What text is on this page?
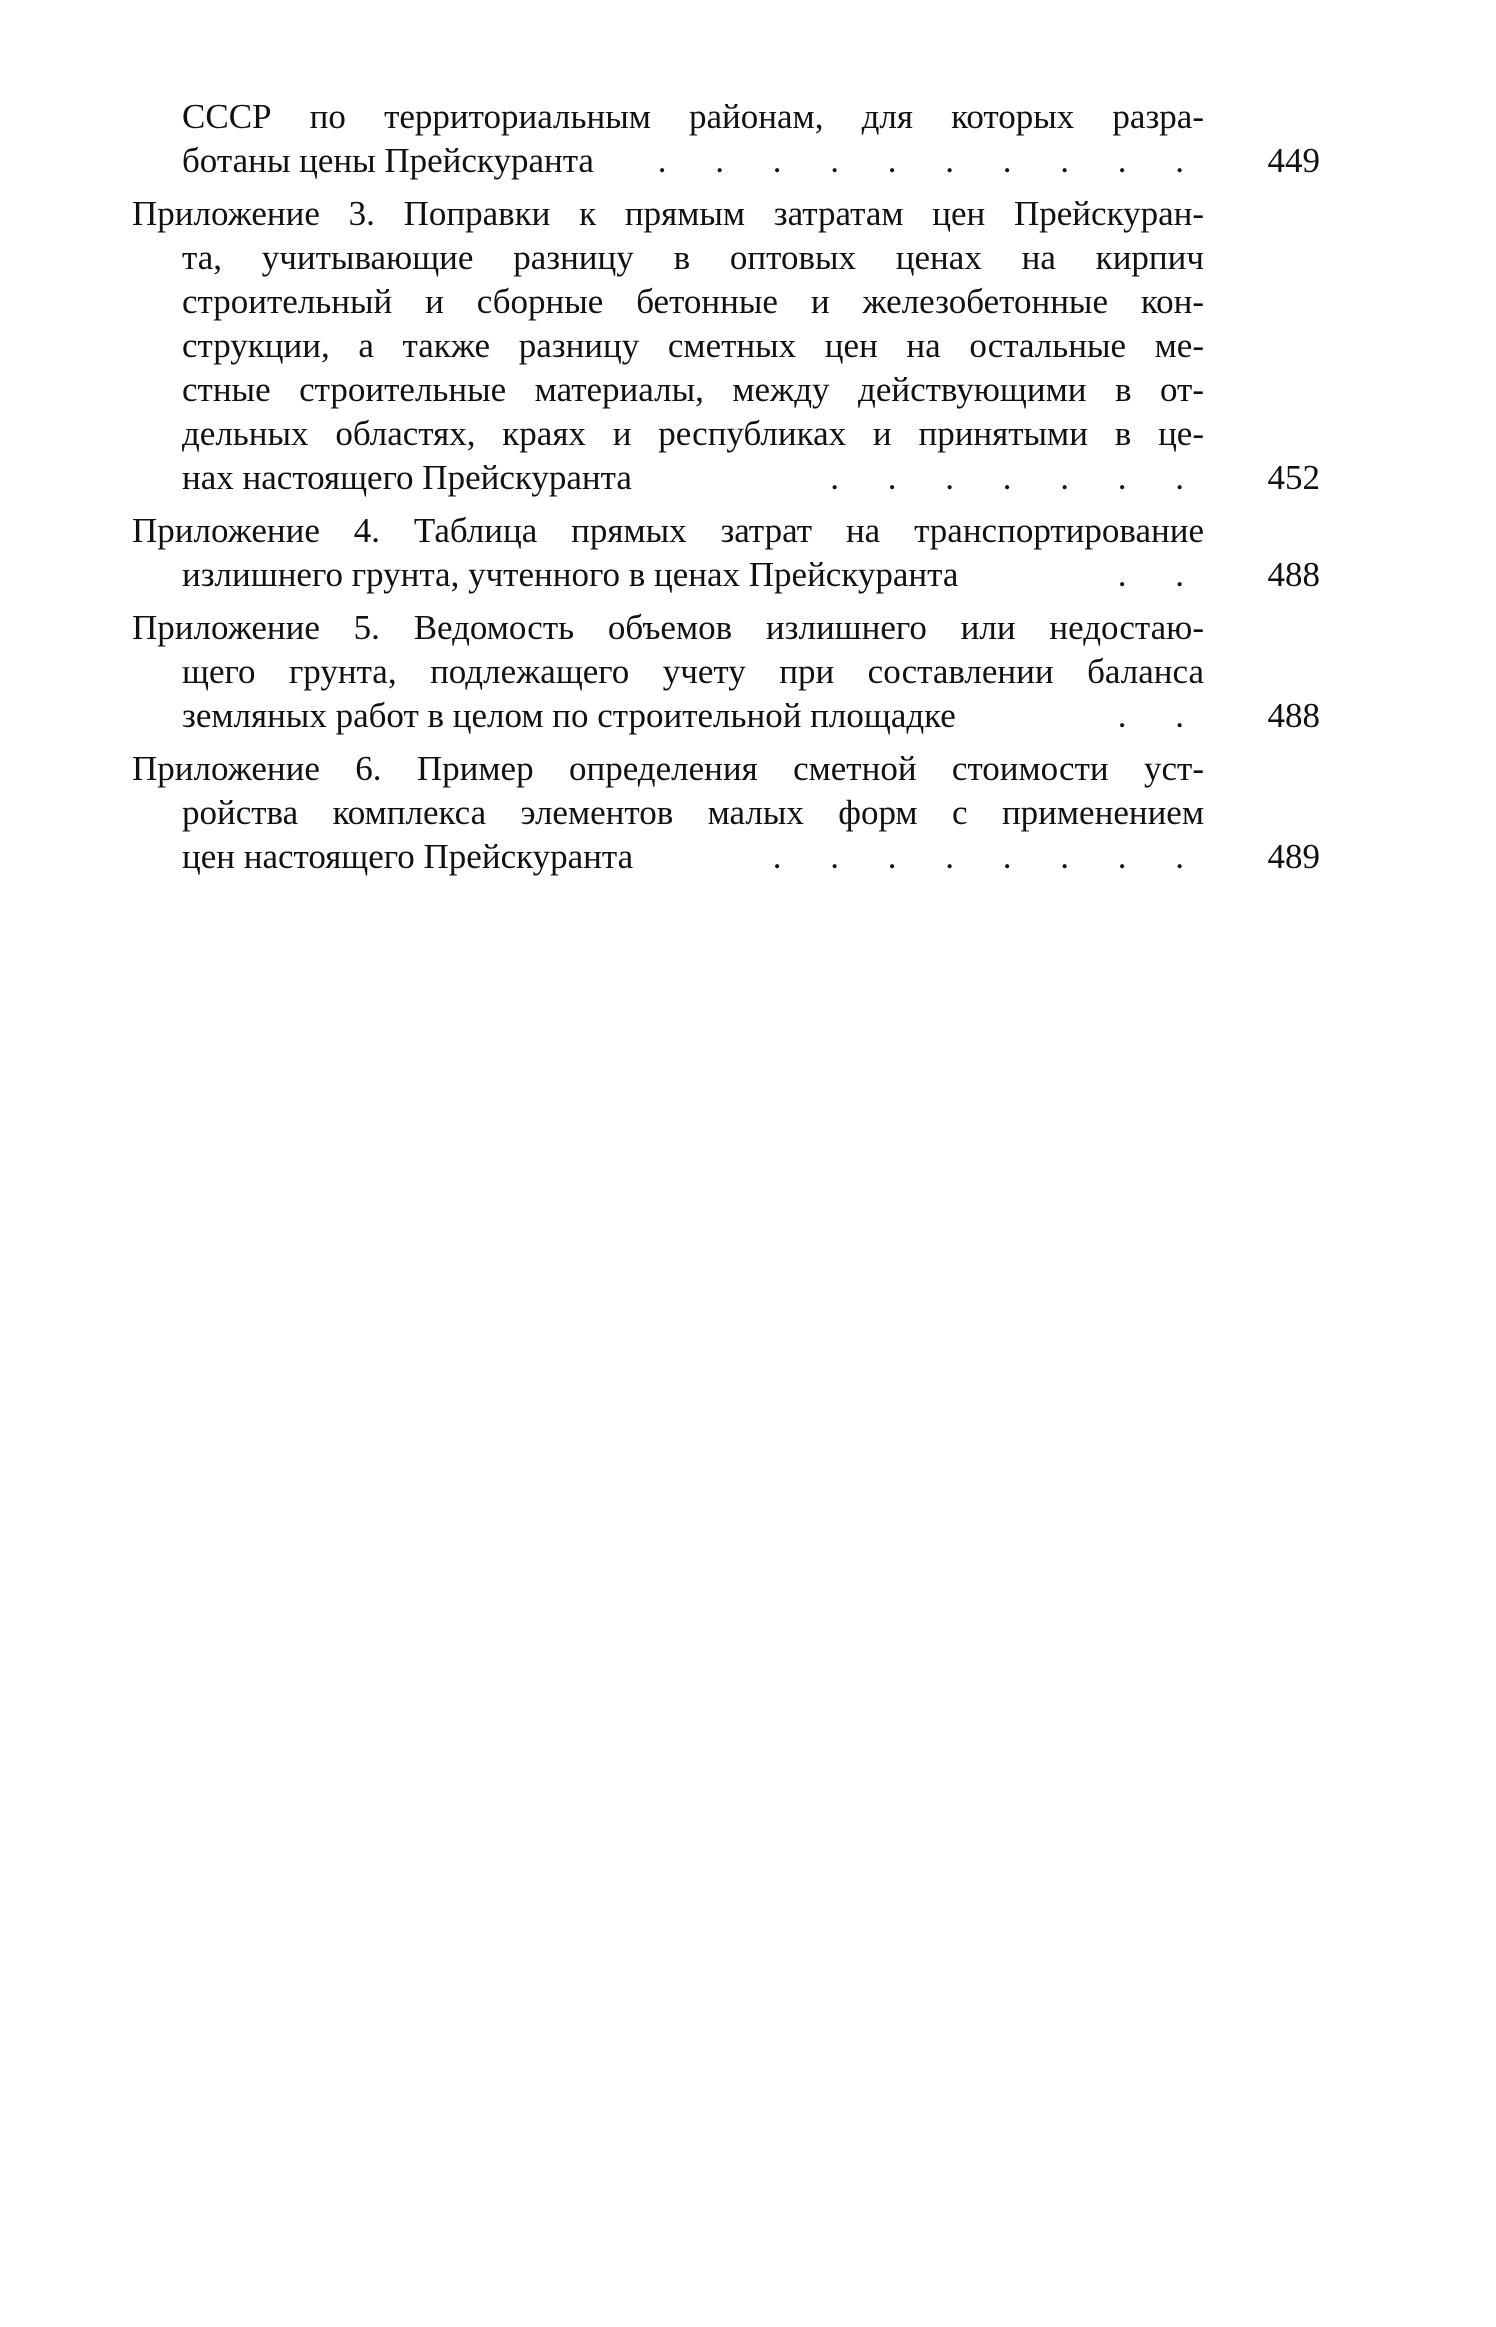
СССР по территориальным районам, для которых разра-
ботаны цены Прейскуранта	. . . . . . . . . .	449
Приложение 3. Поправки к прямым затратам цен Прейскуран-
та, учитывающие разницу в оптовых ценах на кирпич
строительный и сборные бетонные и железобетонные кон-
струкции, а также разницу сметных цен на остальные ме-
стные строительные материалы, между действующими в от-
дельных областях, краях и республиках и принятыми в це-
нах настоящего Прейскуранта	. . . . . . .	452
Приложение 4. Таблица прямых затрат на транспортирование
излишнего грунта, учтенного в ценах Прейскуранта	. .	488
Приложение 5. Ведомость объемов излишнего или недостаю-
щего грунта, подлежащего учету при составлении баланса
земляных работ в целом по строительной площадке	. .	488
Приложение 6. Пример определения сметной стоимости уст-
ройства комплекса элементов малых форм с применением
цен настоящего Прейскуранта	. . . . . . . .	489
